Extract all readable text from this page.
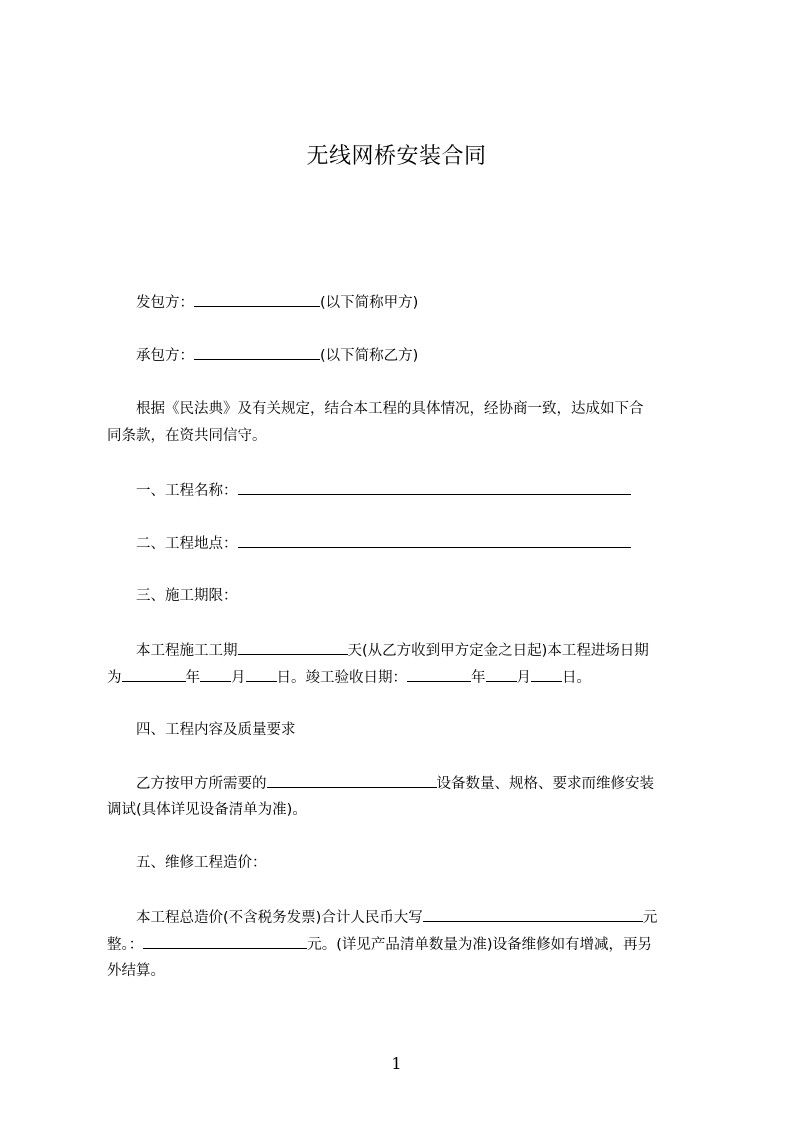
无线网桥安装合同
发包方：	(以下简称甲方)
承包方：	(以下简称乙方)
根据《民法典》及有关规定，结合本工程的具体情况，经协商一致，达成如下合
同条款，在资共同信守。
一、工程名称：
二、工程地点：
三、施工期限：
本工程施工工期	天(从乙方收到甲方定金之日起)本工程进场日期
为	年 月 日。竣工验收日期：	年 月 日。
四、工程内容及质量要求
乙方按甲方所需要的	设备数量、规格、要求而维修安装
调试(具体详见设备清单为准)。
五、维修工程造价：
本工程总造价(不含税务发票)合计人民币大写	元
整。：	元。(详见产品清单数量为准)设备维修如有增减，再另
外结算。
1
